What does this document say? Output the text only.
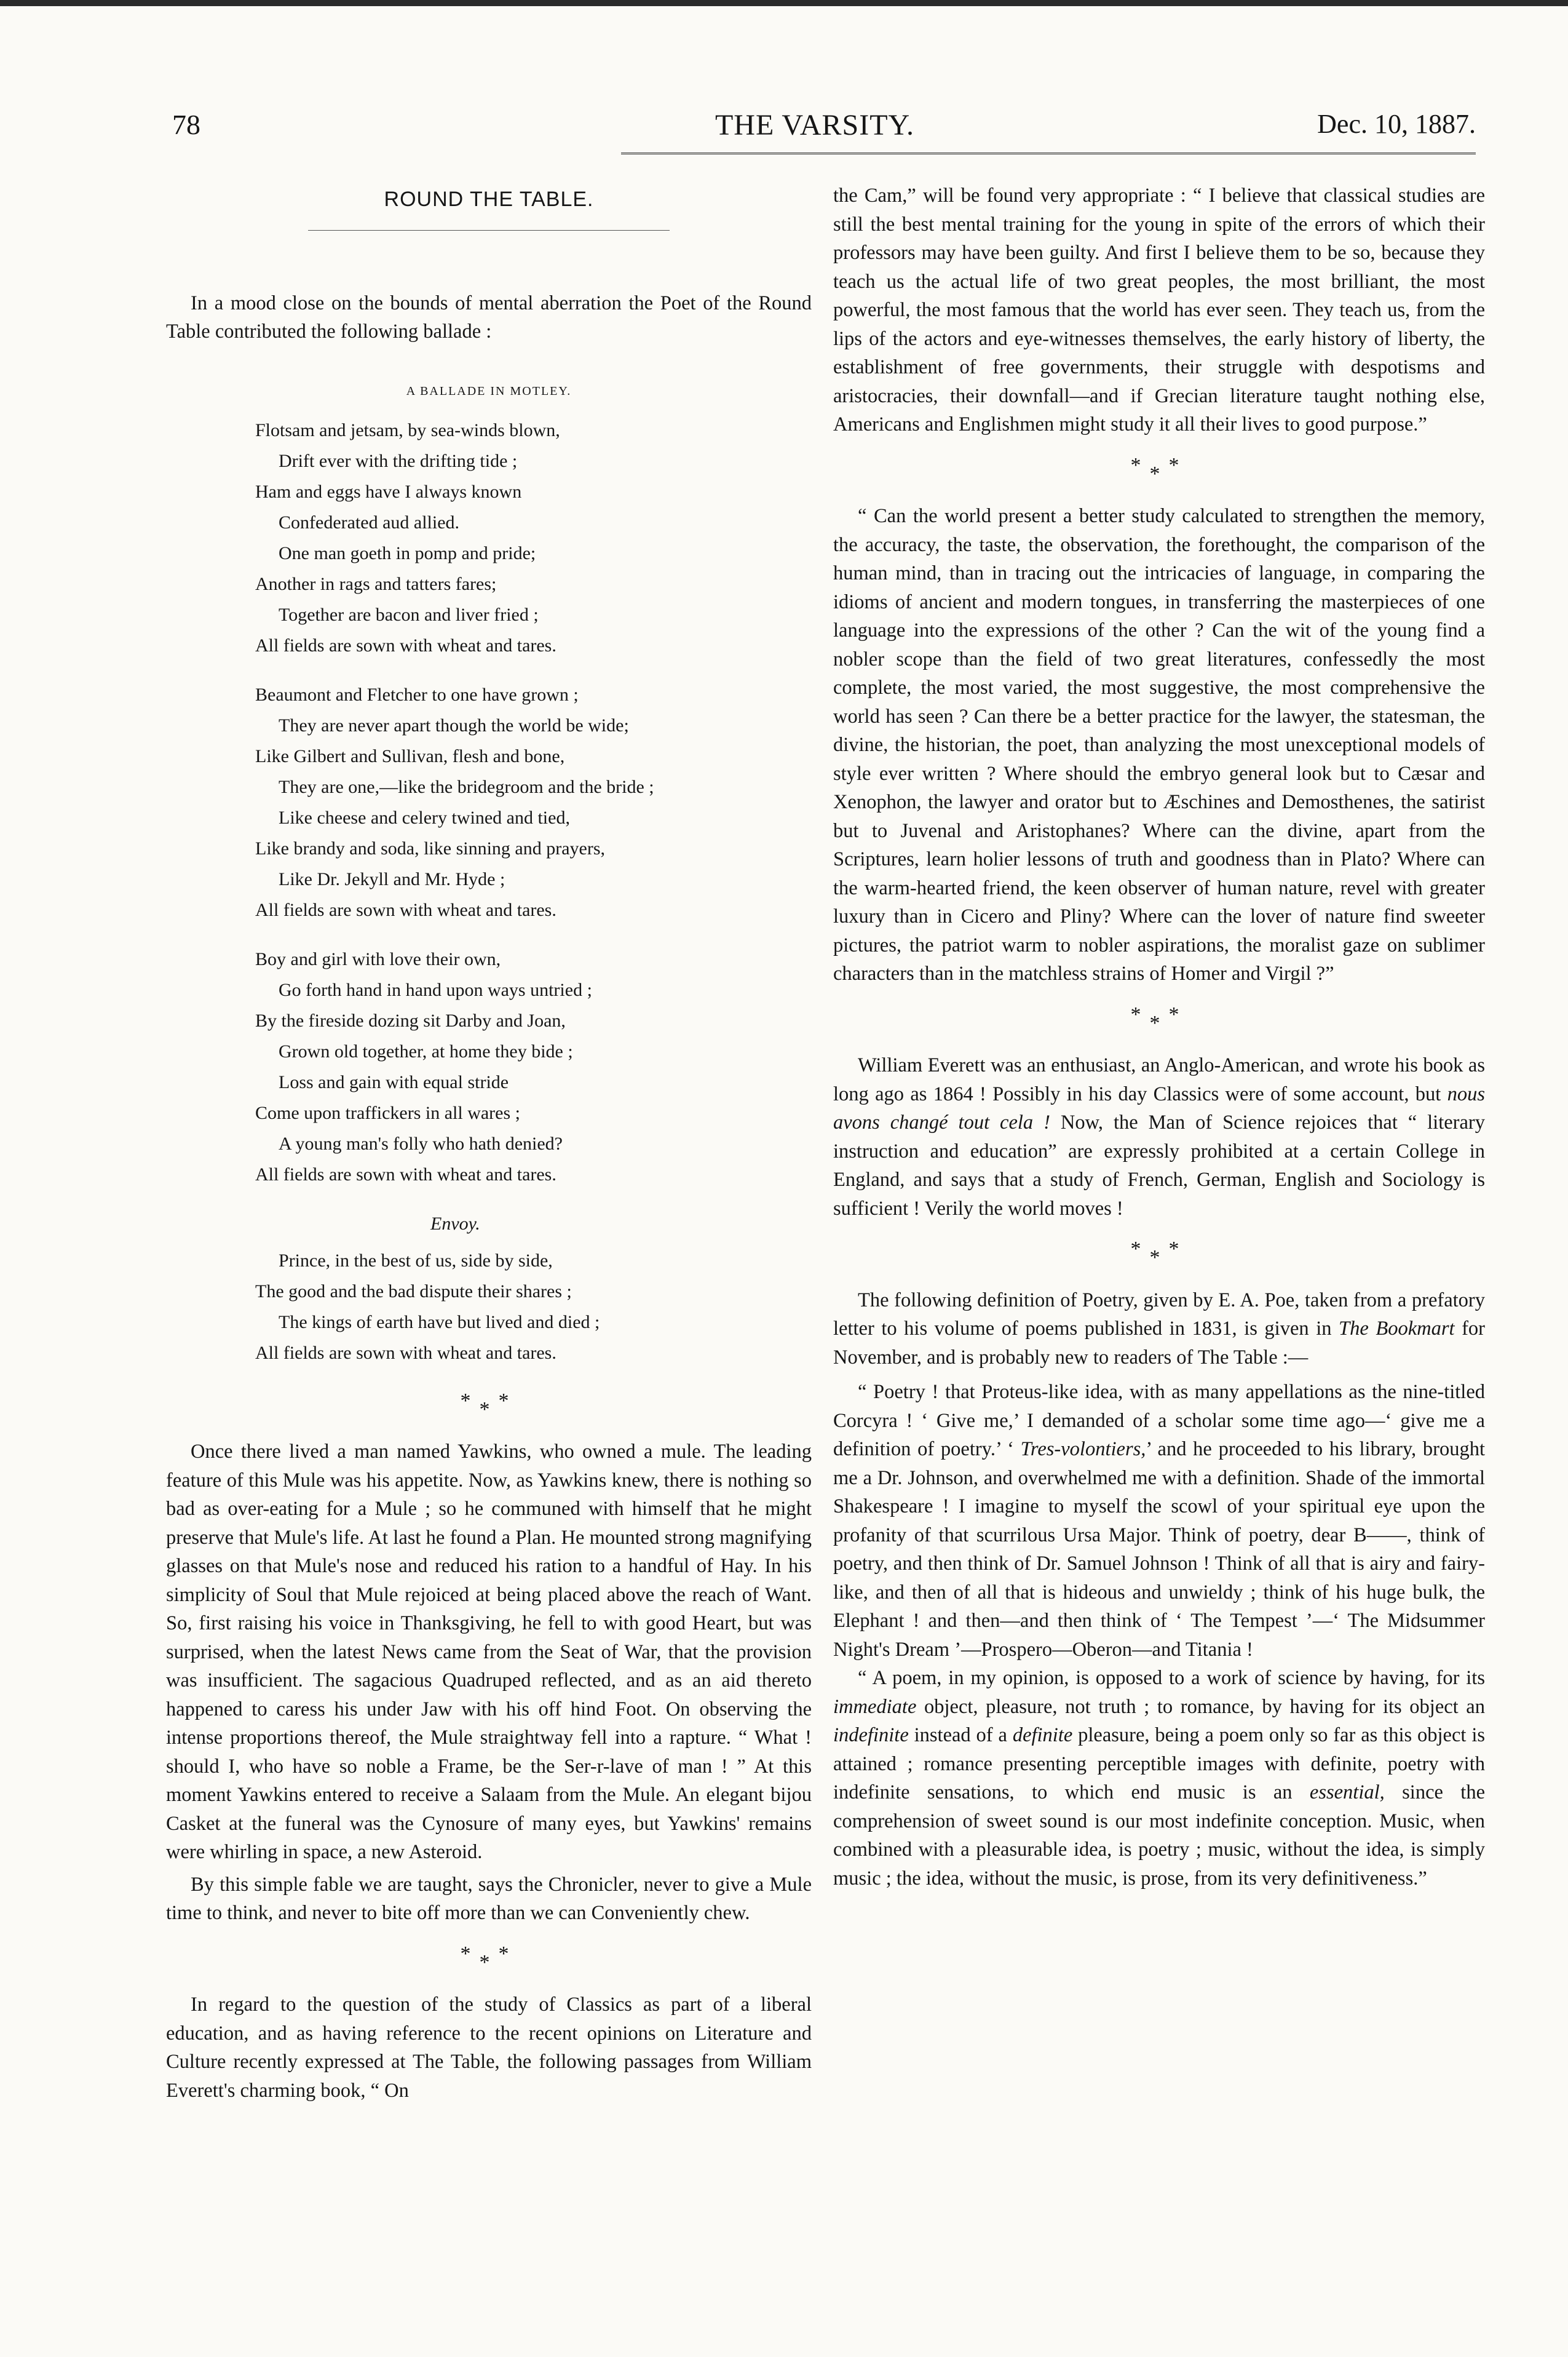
78	THE VARSITY.	Dec. 10, 1887.
ROUND THE TABLE.

In a mood close on the bounds of mental aberration the Poet of the Round Table contributed the following ballade :

A BALLADE IN MOTLEY.
Flotsam and jetsam, by sea-winds blown,
Drift ever with the drifting tide ;
Ham and eggs have I always known
Confederated aud allied.
One man goeth in pomp and pride;
Another in rags and tatters fares;
Together are bacon and liver fried ;
All fields are sown with wheat and tares.
Beaumont and Fletcher to one have grown ;
They are never apart though the world be wide;
Like Gilbert and Sullivan, flesh and bone,
They are one,—like the bridegroom and the bride ;
Like cheese and celery twined and tied,
Like brandy and soda, like sinning and prayers,
Like Dr. Jekyll and Mr. Hyde ;
All fields are sown with wheat and tares.
Boy and girl with love their own,
Go forth hand in hand upon ways untried ;
By the fireside dozing sit Darby and Joan,
Grown old together, at home they bide ;
Loss and gain with equal stride
Come upon traffickers in all wares ;
A young man's folly who hath denied?
All fields are sown with wheat and tares.
Envoy.
Prince, in the best of us, side by side,
The good and the bad dispute their shares ;
The kings of earth have but lived and died ;
All fields are sown with wheat and tares.
***

Once there lived a man named Yawkins, who owned a mule. The leading feature of this Mule was his appetite. Now, as Yawkins knew, there is nothing so bad as over-eating for a Mule ; so he communed with himself that he might preserve that Mule's life. At last he found a Plan. He mounted strong magnifying glasses on that Mule's nose and reduced his ration to a handful of Hay. In his simplicity of Soul that Mule rejoiced at being placed above the reach of Want. So, first raising his voice in Thanksgiving, he fell to with good Heart, but was surprised, when the latest News came from the Seat of War, that the provision was insufficient. The sagacious Quadruped reflected, and as an aid thereto happened to caress his under Jaw with his off hind Foot. On observing the intense proportions thereof, the Mule straightway fell into a rapture. “ What ! should I, who have so noble a Frame, be the Ser-r-lave of man ! ” At this moment Yawkins entered to receive a Salaam from the Mule. An elegant bijou Casket at the funeral was the Cynosure of many eyes, but Yawkins' remains were whirling in space, a new Asteroid.

By this simple fable we are taught, says the Chronicler, never to give a Mule time to think, and never to bite off more than we can Conveniently chew.

***

In regard to the question of the study of Classics as part of a liberal education, and as having reference to the recent opinions on Literature and Culture recently expressed at The Table, the following passages from William Everett's charming book, “ On

the Cam,” will be found very appropriate : “ I believe that classical studies are still the best mental training for the young in spite of the errors of which their professors may have been guilty. And first I believe them to be so, because they teach us the actual life of two great peoples, the most brilliant, the most powerful, the most famous that the world has ever seen. They teach us, from the lips of the actors and eye-witnesses themselves, the early history of liberty, the establishment of free governments, their struggle with despotisms and aristocracies, their downfall—and if Grecian literature taught nothing else, Americans and Englishmen might study it all their lives to good purpose.”

***

“ Can the world present a better study calculated to strengthen the memory, the accuracy, the taste, the observation, the forethought, the comparison of the human mind, than in tracing out the intricacies of language, in comparing the idioms of ancient and modern tongues, in transferring the masterpieces of one language into the expressions of the other ? Can the wit of the young find a nobler scope than the field of two great literatures, confessedly the most complete, the most varied, the most suggestive, the most comprehensive the world has seen ? Can there be a better practice for the lawyer, the statesman, the divine, the historian, the poet, than analyzing the most unexceptional models of style ever written ? Where should the embryo general look but to Cæsar and Xenophon, the lawyer and orator but to Æschines and Demosthenes, the satirist but to Juvenal and Aristophanes? Where can the divine, apart from the Scriptures, learn holier lessons of truth and goodness than in Plato? Where can the warm-hearted friend, the keen observer of human nature, revel with greater luxury than in Cicero and Pliny? Where can the lover of nature find sweeter pictures, the patriot warm to nobler aspirations, the moralist gaze on sublimer characters than in the matchless strains of Homer and Virgil ?”

***

William Everett was an enthusiast, an Anglo-American, and wrote his book as long ago as 1864 ! Possibly in his day Classics were of some account, but nous avons changé tout cela ! Now, the Man of Science rejoices that “ literary instruction and education” are expressly prohibited at a certain College in England, and says that a study of French, German, English and Sociology is sufficient ! Verily the world moves !

***

The following definition of Poetry, given by E. A. Poe, taken from a prefatory letter to his volume of poems published in 1831, is given in The Bookmart for November, and is probably new to readers of The Table :—

“ Poetry ! that Proteus-like idea, with as many appellations as the nine-titled Corcyra ! ‘ Give me,’ I demanded of a scholar some time ago—‘ give me a definition of poetry.’ ‘ Tres-volontiers,’ and he proceeded to his library, brought me a Dr. Johnson, and overwhelmed me with a definition. Shade of the immortal Shakespeare ! I imagine to myself the scowl of your spiritual eye upon the profanity of that scurrilous Ursa Major. Think of poetry, dear B——, think of poetry, and then think of Dr. Samuel Johnson ! Think of all that is airy and fairy-like, and then of all that is hideous and unwieldy ; think of his huge bulk, the Elephant ! and then—and then think of ‘ The Tempest ’—‘ The Midsummer Night's Dream ’—Prospero—Oberon—and Titania !

“ A poem, in my opinion, is opposed to a work of science by having, for its immediate object, pleasure, not truth ; to romance, by having for its object an indefinite instead of a definite pleasure, being a poem only so far as this object is attained ; romance presenting perceptible images with definite, poetry with indefinite sensations, to which end music is an essential, since the comprehension of sweet sound is our most indefinite conception. Music, when combined with a pleasurable idea, is poetry ; music, without the idea, is simply music ; the idea, without the music, is prose, from its very definitiveness.”
